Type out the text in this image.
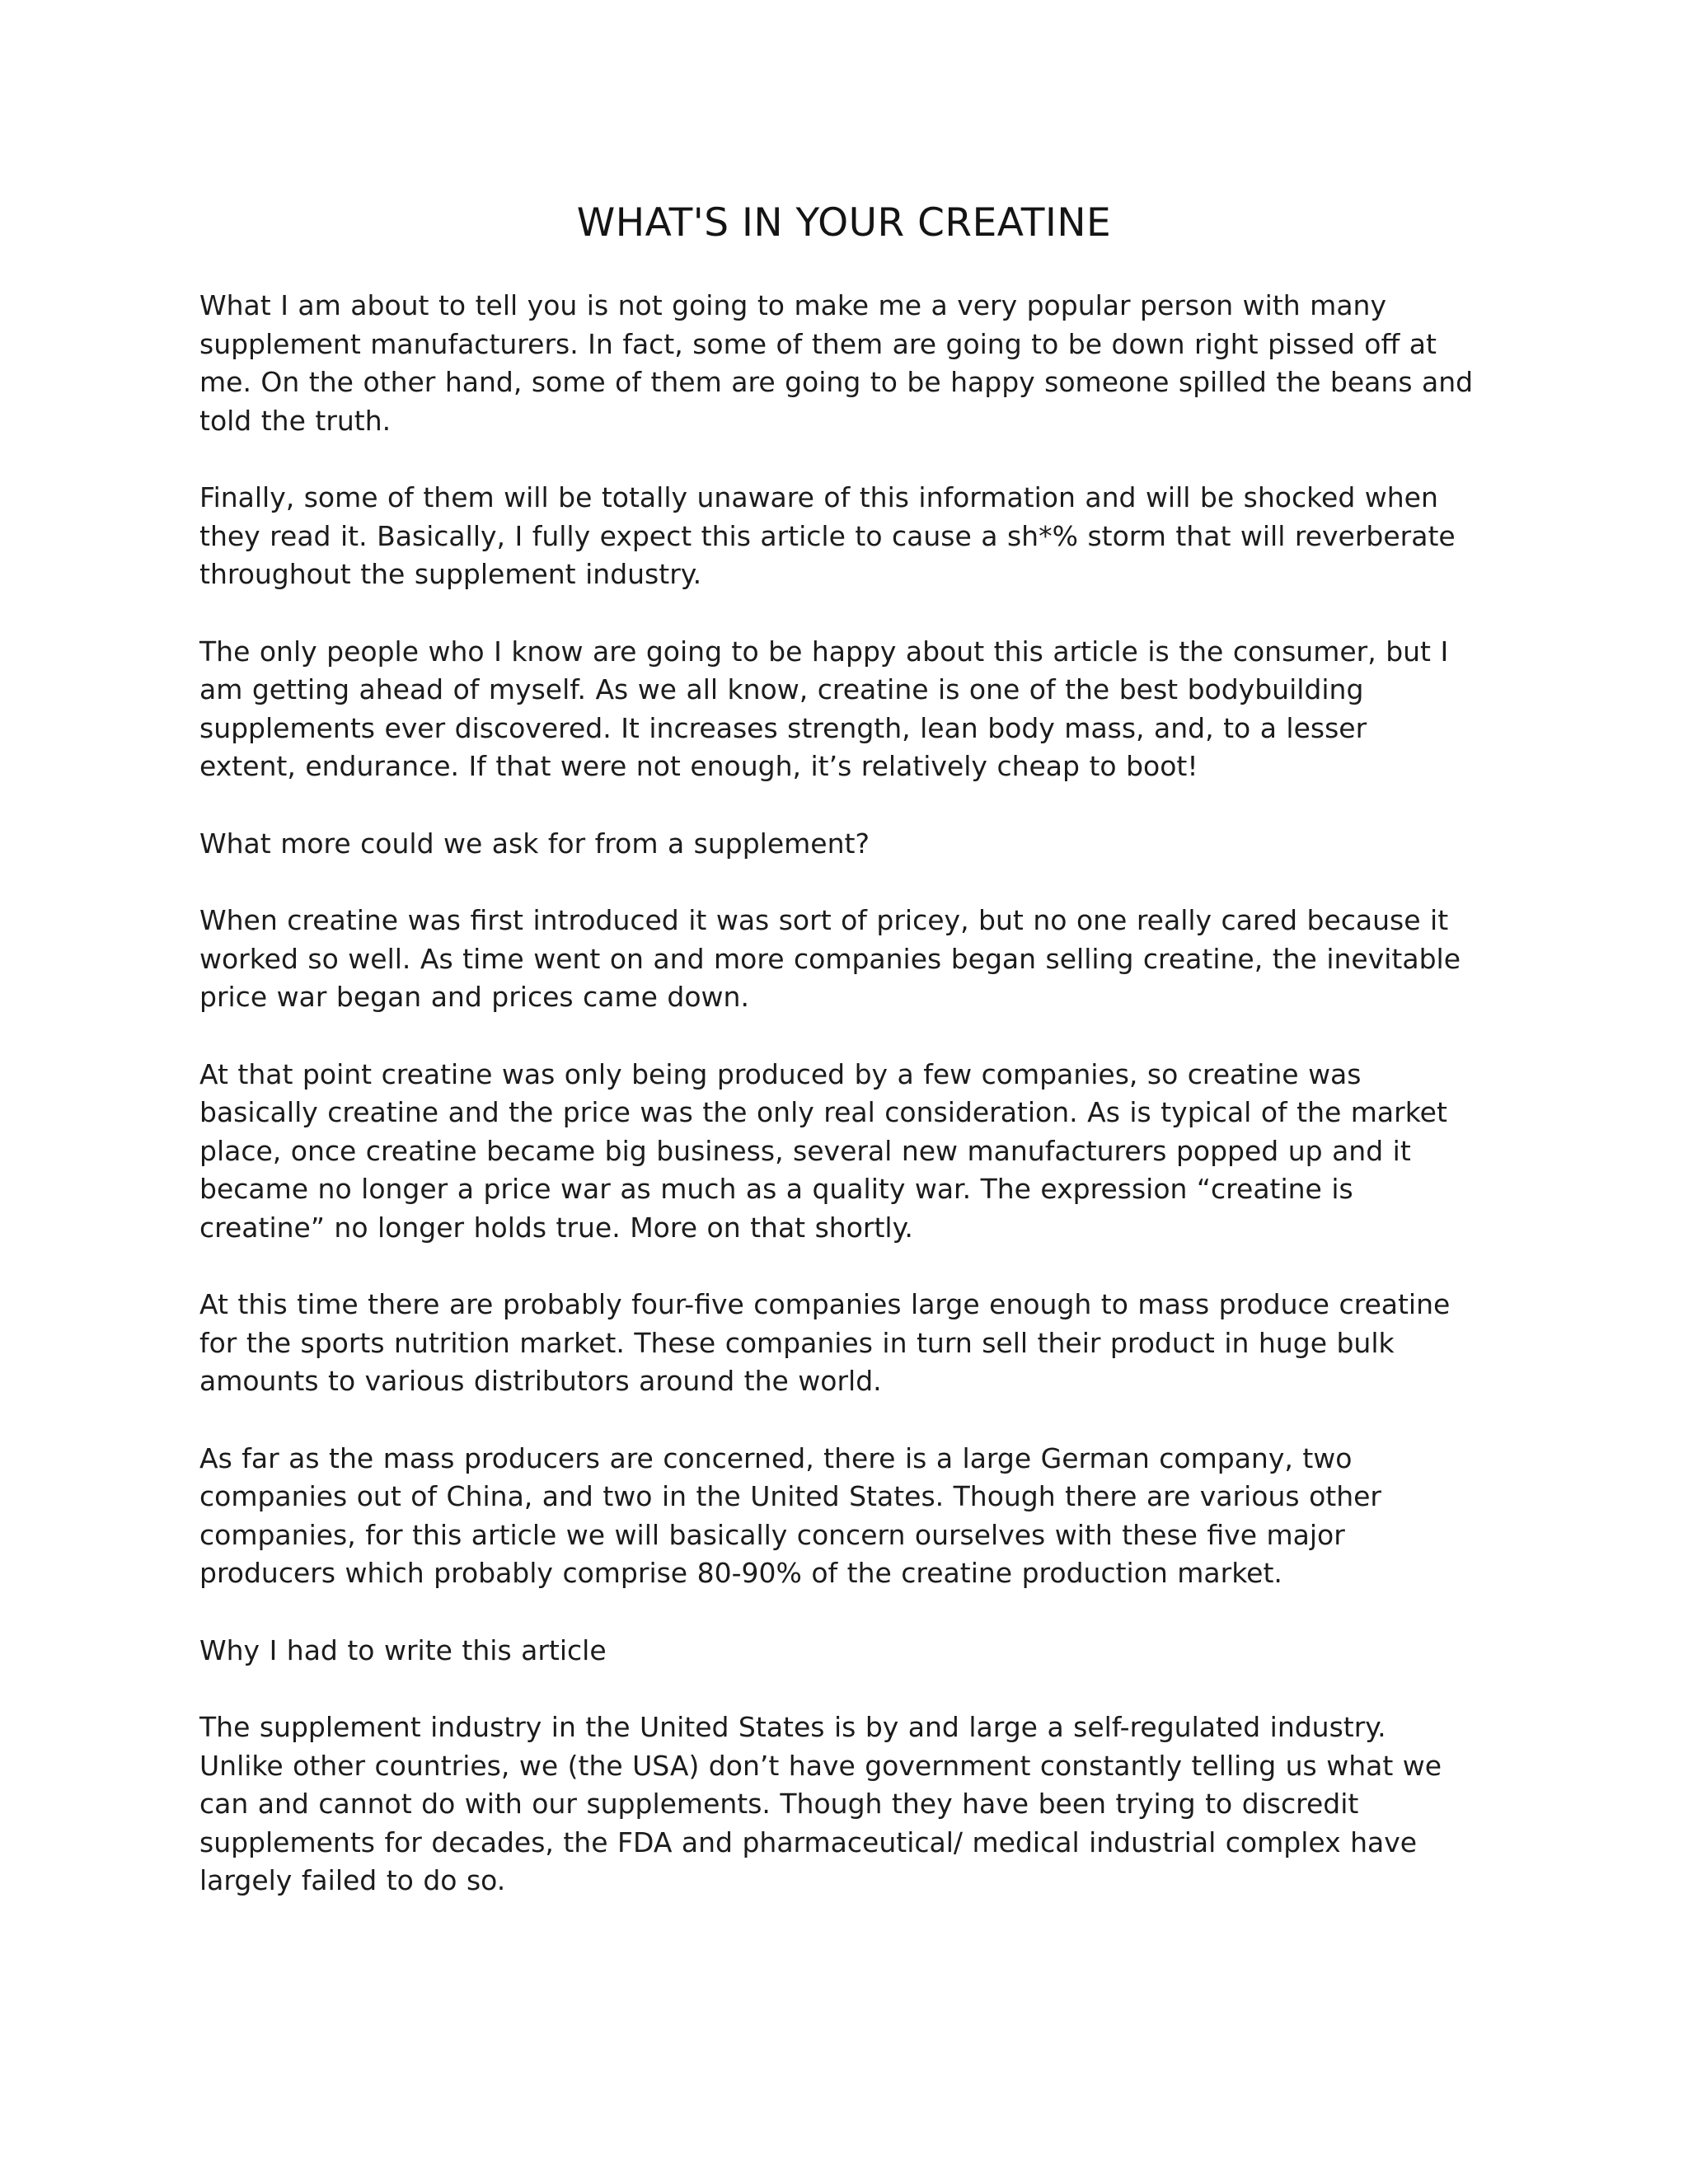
WHAT'S IN YOUR CREATINE

What I am about to tell you is not going to make me a very popular person with many
supplement manufacturers. In fact, some of them are going to be down right pissed off at
me. On the other hand, some of them are going to be happy someone spilled the beans and
told the truth.

Finally, some of them will be totally unaware of this information and will be shocked when
they read it. Basically, I fully expect this article to cause a sh*% storm that will reverberate
throughout the supplement industry.

The only people who I know are going to be happy about this article is the consumer, but I
am getting ahead of myself. As we all know, creatine is one of the best bodybuilding
supplements ever discovered. It increases strength, lean body mass, and, to a lesser
extent, endurance. If that were not enough, it’s relatively cheap to boot!

What more could we ask for from a supplement?

When creatine was first introduced it was sort of pricey, but no one really cared because it
worked so well. As time went on and more companies began selling creatine, the inevitable
price war began and prices came down.

At that point creatine was only being produced by a few companies, so creatine was
basically creatine and the price was the only real consideration. As is typical of the market
place, once creatine became big business, several new manufacturers popped up and it
became no longer a price war as much as a quality war. The expression “creatine is
creatine” no longer holds true. More on that shortly.

At this time there are probably four-five companies large enough to mass produce creatine
for the sports nutrition market. These companies in turn sell their product in huge bulk
amounts to various distributors around the world.

As far as the mass producers are concerned, there is a large German company, two
companies out of China, and two in the United States. Though there are various other
companies, for this article we will basically concern ourselves with these five major
producers which probably comprise 80-90% of the creatine production market.

Why I had to write this article

The supplement industry in the United States is by and large a self-regulated industry.
Unlike other countries, we (the USA) don’t have government constantly telling us what we
can and cannot do with our supplements. Though they have been trying to discredit
supplements for decades, the FDA and pharmaceutical/ medical industrial complex have
largely failed to do so.
